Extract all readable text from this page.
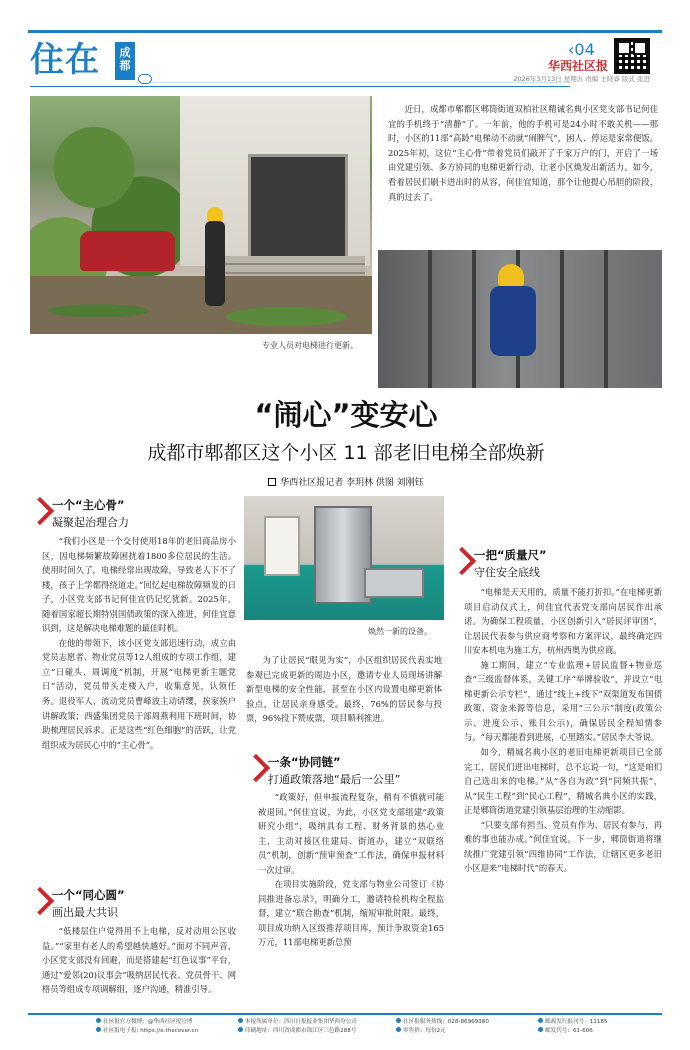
住在	成都
‹04
华西社区报
2026年3月13日 星期五 责编 王晓睿 版式 张进
专业人员对电梯进行更新。
近日，成都市郫都区郫筒街道双柏社区精诚名典小区党支部书记何佳宜的手机终于“清静”了。一年前，他的手机可是24小时不敢关机——那时，小区的11部“高龄”电梯动不动就“闹脾气”，困人、停运是家常便饭。2025年初，这位“主心骨”带着党员们敲开了千家万户的门，开启了一场由党建引领、多方协同的电梯更新行动，让老小区焕发出新活力。如今，看着居民们刷卡进出时的从容，何佳宜知道，那个让他提心吊胆的阶段，真的过去了。
“闹心”变安心
成都市郫都区这个小区 11 部老旧电梯全部焕新
华西社区报记者 李玥林 供图 刘刚钰
一个“主心骨”
凝聚起治理合力

“我们小区是一个交付使用18年的老旧商品房小区，因电梯频繁故障困扰着1800多位居民的生活。使用时间久了，电梯经常出现故障，导致老人下不了楼，孩子上学都得绕道走。”回忆起电梯故障频发的日子，小区党支部书记何佳宜仍记忆犹新。2025年，随着国家超长期特别国债政策的深入推进，何佳宜意识到，这是解决电梯难题的最佳时机。

在他的带领下，该小区党支部迅速行动，成立由党员志愿者、物业党员等12人组成的专项工作组，建立“日碰头、周调度”机制，开展“电梯更新主题党日”活动，党员带头走楼入户，收集意见，认领任务。退役军人、流动党员曹峰波主动请缨，挨家挨户讲解政策；西盛集团党员干部周燕利用下班时间，协助梳理居民诉求。正是这些“红色细胞”的活跃，让党组织成为居民心中的“主心骨”。

一个“同心圆”
画出最大共识

“低楼层住户觉得用不上电梯，反对动用公区收益。”“家里有老人的希望越快越好。”面对不同声音，小区党支部没有回避，而是搭建起“红色议事”平台，通过“爱邻(20)议事会”吸纳居民代表、党员骨干、网格员等组成专项调解组，逐户沟通，精准引导。

焕然一新的设备。

为了让居民“眼见为实”，小区组织居民代表实地参观已完成更新的周边小区，邀请专业人员现场讲解新型电梯的安全性能，甚至在小区内设置电梯更新体验点，让居民亲身感受。最终，76%的居民参与投票，96%投下赞成票，项目顺利推进。

一条“协同链”
打通政策落地“最后一公里”

“政策好，但申报流程复杂，稍有不慎就可能被退回。”何佳宜说，为此，小区党支部组建“政策研究小组”，吸纳具有工程、财务背景的热心业主，主动对接区住建局、街道办，建立“双联络员”机制，创新“预审预查”工作法，确保申报材料一次过审。

在项目实施阶段，党支部与物业公司签订《协同推进备忘录》，明确分工，邀请特检机构全程监督，建立“联合勘查”机制，缩短审批时限。最终，项目成功纳入区级推荐项目库，预计争取资金165万元，11部电梯更新总预

一把“质量尺”
守住安全底线

“电梯是天天用的，质量不能打折扣。”在电梯更新项目启动仪式上，何佳宜代表党支部向居民作出承诺。为确保工程质量，小区创新引入“居民评审团”，让居民代表参与供应商考察和方案评议，最终确定四川安本机电为施工方，杭州西奥为供应商。

施工期间，建立“专业监理+居民监督+物业巡查”三级监督体系，关键工序“举牌验收”，并设立“电梯更新公示专栏”，通过“线上+线下”双渠道发布国债政策、资金来源等信息，采用“三公示”制度(政策公示、进度公示、账目公示)，确保居民全程知情参与。“每天都能看到进展，心里踏实。”居民李大爷说。

如今，精城名典小区的老旧电梯更新项目已全部完工，居民们进出电梯时，总不忘说一句，“这是咱们自己选出来的电梯。”从“各自为政”到“同频共振”，从“民生工程”到“民心工程”，精城名典小区的实践，正是郫筒街道党建引领基层治理的生动缩影。

“只要支部有担当、党员有作为、居民有参与，再难的事也能办成。”何佳宜说。下一步，郫筒街道将继续推广党建引领“四维协同”工作法，让辖区更多老旧小区迎来“电梯时代”的春天。

社区报官方微博：@华西社区报官博
社区报电子报: https://e.thecover.cn
本报所属单位：四川日报报业集团华西分公司
印刷地址：四川省成都市锦江区三色路288号
社区报服务热线：028-86969380
零售价：每份2元
邮政发行报刊号：11185
邮发代号：61-606
